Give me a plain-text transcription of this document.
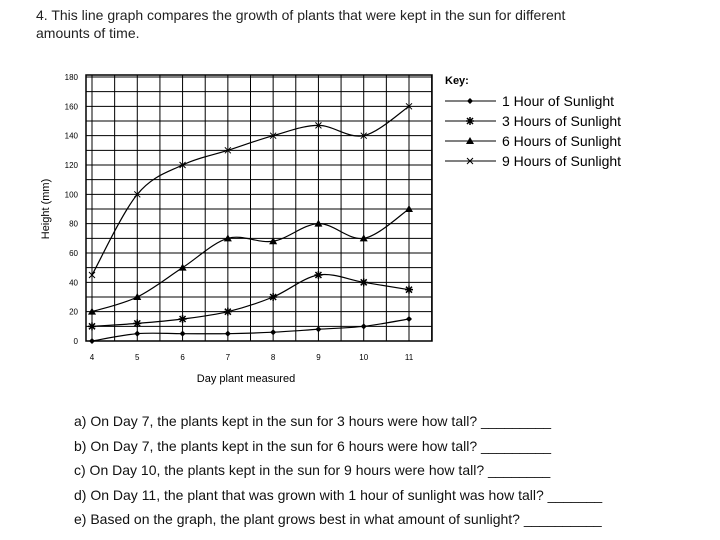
4. This line graph compares the growth of plants that were kept in the sun for different
amounts of time.
0
20
40
60
80
100
120
140
160
180
4	5	6	7	8	9	10	11
Day plant measured
Height (mm)
Key:
1 Hour of Sunlight
3 Hours of Sunlight
6 Hours of Sunlight
9 Hours of Sunlight
a) On Day 7, the plants kept in the sun for 3 hours were how tall? _________
b) On Day 7, the plants kept in the sun for 6 hours were how tall? _________
c) On Day 10, the plants kept in the sun for 9 hours were how tall? ________
d) On Day 11, the plant that was grown with 1 hour of sunlight was how tall? _______
e) Based on the graph, the plant grows best in what amount of sunlight? __________
